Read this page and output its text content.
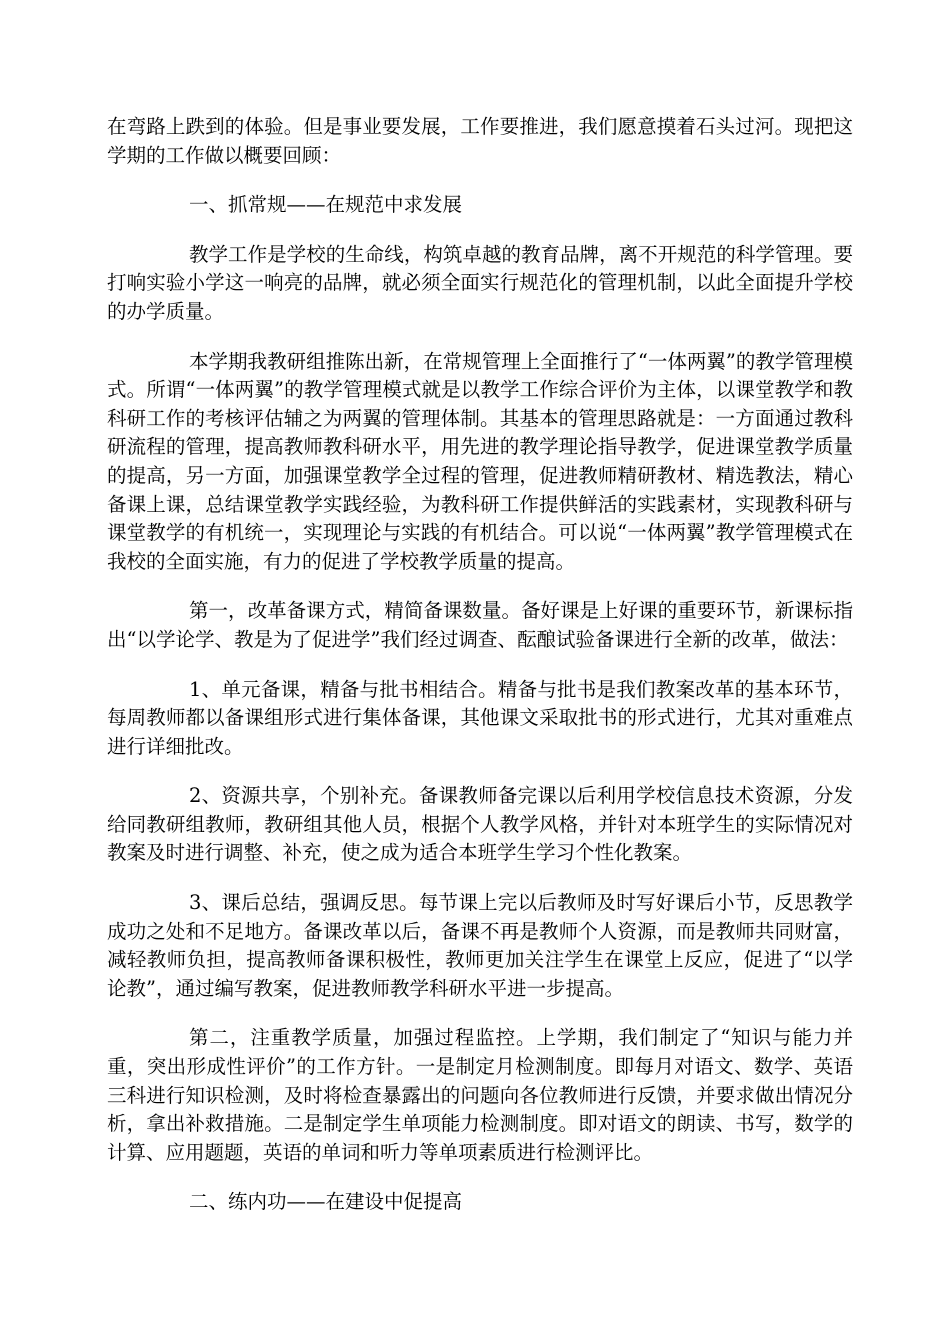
在弯路上跌到的体验。但是事业要发展，工作要推进，我们愿意摸着石头过河。现把这学期的工作做以概要回顾：

一、抓常规——在规范中求发展

教学工作是学校的生命线，构筑卓越的教育品牌，离不开规范的科学管理。要打响实验小学这一响亮的品牌，就必须全面实行规范化的管理机制，以此全面提升学校的办学质量。

本学期我教研组推陈出新，在常规管理上全面推行了“一体两翼”的教学管理模式。所谓“一体两翼”的教学管理模式就是以教学工作综合评价为主体，以课堂教学和教科研工作的考核评估辅之为两翼的管理体制。其基本的管理思路就是：一方面通过教科研流程的管理，提高教师教科研水平，用先进的教学理论指导教学，促进课堂教学质量的提高，另一方面，加强课堂教学全过程的管理，促进教师精研教材、精选教法，精心备课上课，总结课堂教学实践经验，为教科研工作提供鲜活的实践素材，实现教科研与课堂教学的有机统一，实现理论与实践的有机结合。可以说“一体两翼”教学管理模式在我校的全面实施，有力的促进了学校教学质量的提高。

第一，改革备课方式，精简备课数量。备好课是上好课的重要环节，新课标指出“以学论学、教是为了促进学”我们经过调查、酝酿试验备课进行全新的改革，做法：

1、单元备课，精备与批书相结合。精备与批书是我们教案改革的基本环节，每周教师都以备课组形式进行集体备课，其他课文采取批书的形式进行，尤其对重难点进行详细批改。

2、资源共享，个别补充。备课教师备完课以后利用学校信息技术资源，分发给同教研组教师，教研组其他人员，根据个人教学风格，并针对本班学生的实际情况对教案及时进行调整、补充，使之成为适合本班学生学习个性化教案。

3、课后总结，强调反思。每节课上完以后教师及时写好课后小节，反思教学成功之处和不足地方。备课改革以后，备课不再是教师个人资源，而是教师共同财富，减轻教师负担，提高教师备课积极性，教师更加关注学生在课堂上反应，促进了“以学论教”，通过编写教案，促进教师教学科研水平进一步提高。

第二，注重教学质量，加强过程监控。上学期，我们制定了“知识与能力并重，突出形成性评价”的工作方针。一是制定月检测制度。即每月对语文、数学、英语三科进行知识检测，及时将检查暴露出的问题向各位教师进行反馈，并要求做出情况分析，拿出补救措施。二是制定学生单项能力检测制度。即对语文的朗读、书写，数学的计算、应用题题，英语的单词和听力等单项素质进行检测评比。

二、练内功——在建设中促提高
